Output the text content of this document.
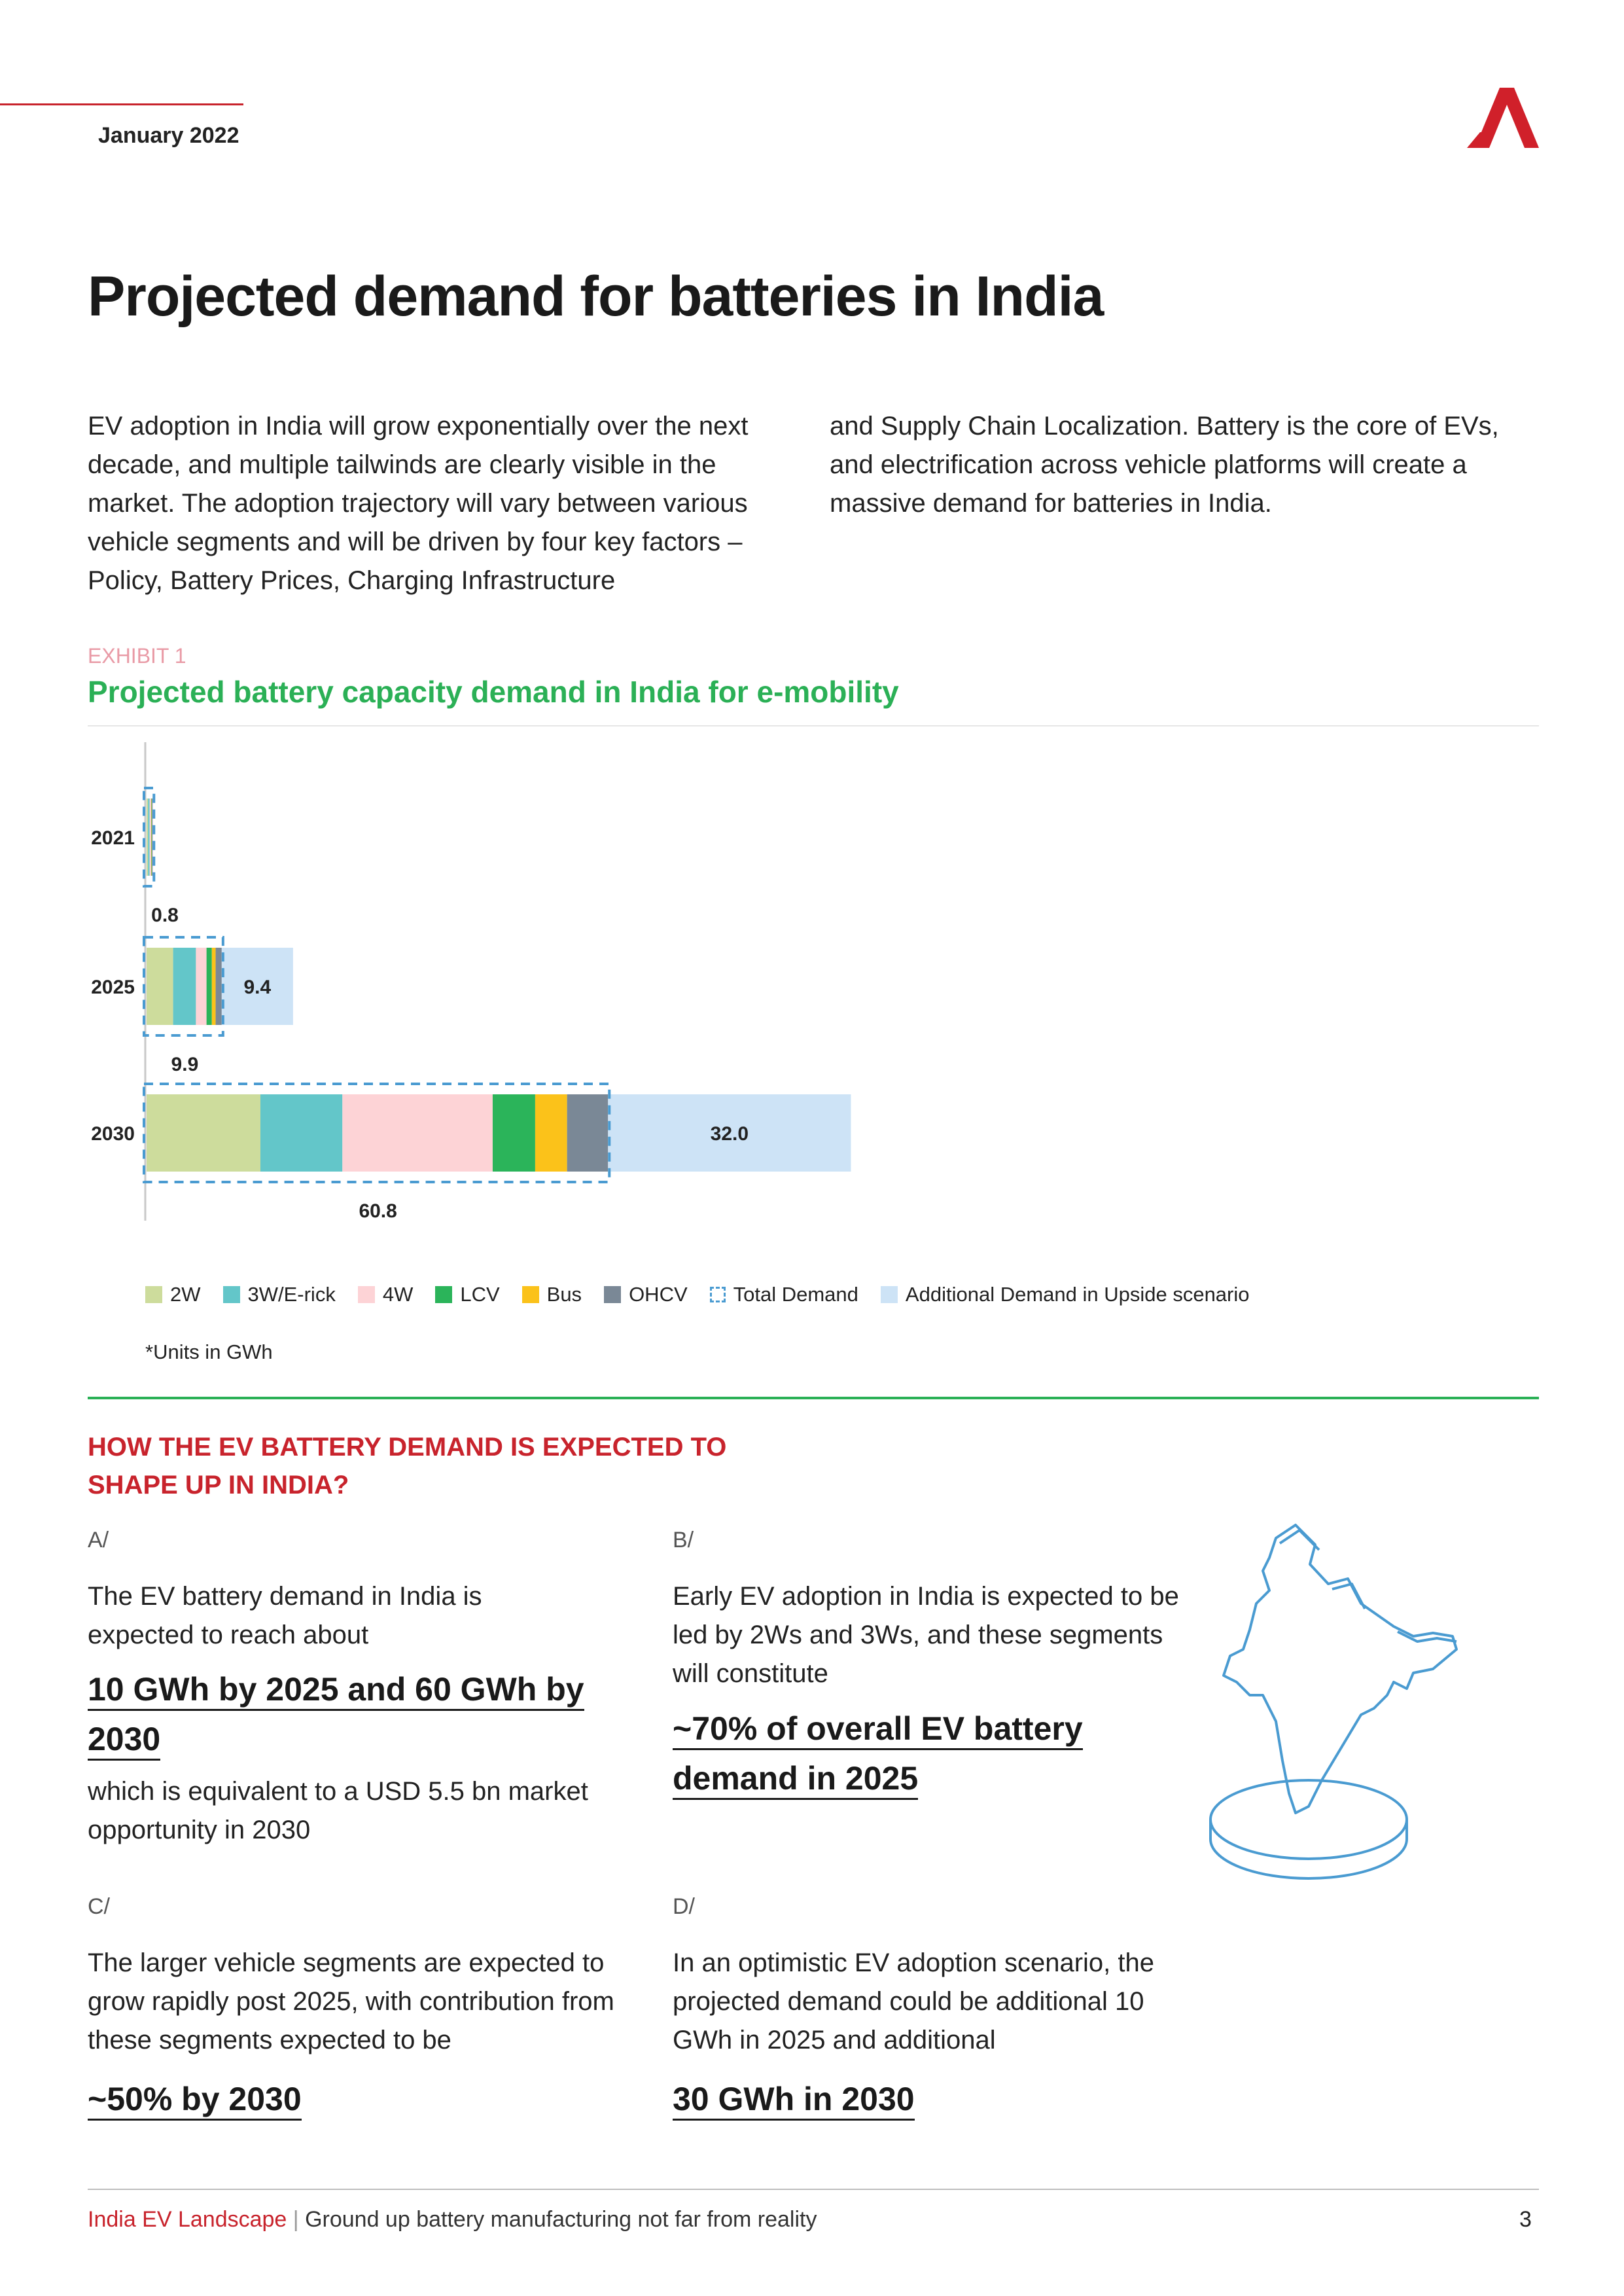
January 2022
Projected demand for batteries in India
EV adoption in India will grow exponentially over the next decade, and multiple tailwinds are clearly visible in the market. The adoption trajectory will vary between various vehicle segments and will be driven by four key factors – Policy, Battery Prices, Charging Infrastructure
and Supply Chain Localization. Battery is the core of EVs, and electrification across vehicle platforms will create a massive demand for batteries in India.
EXHIBIT 1
Projected battery capacity demand in India for e-mobility
2021
0.8
2025
9.9
9.4
2030
60.8
32.0
2W 3W/E-rick 4W LCV Bus OHCV Total Demand Additional Demand in Upside scenario
*Units in GWh
HOW THE EV BATTERY DEMAND IS EXPECTED TO SHAPE UP IN INDIA?
A/
The EV battery demand in India is expected to reach about
10 GWh by 2025 and 60 GWh by
2030
which is equivalent to a USD 5.5 bn market opportunity in 2030
B/
Early EV adoption in India is expected to be led by 2Ws and 3Ws, and these segments will constitute
~70% of overall EV battery
demand in 2025
C/
The larger vehicle segments are expected to grow rapidly post 2025, with contribution from these segments expected to be
~50% by 2030
D/
In an optimistic EV adoption scenario, the projected demand could be additional 10 GWh in 2025 and additional
30 GWh in 2030
India EV Landscape | Ground up battery manufacturing not far from reality	3
